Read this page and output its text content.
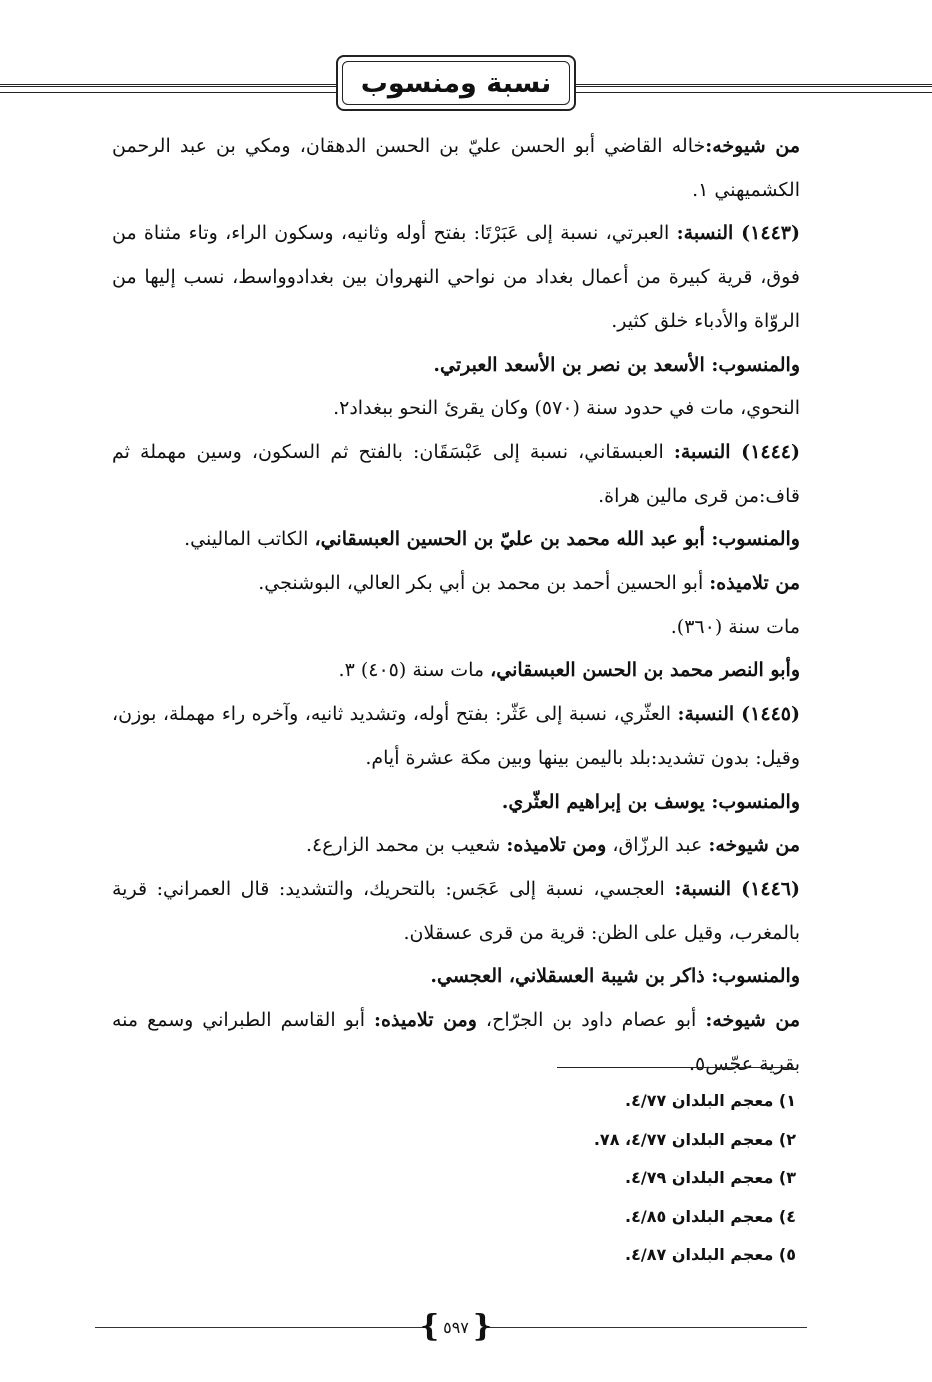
نسبة ومنسوب

من شيوخه:خاله القاضي أبو الحسن عليّ بن الحسن الدهقان، ومكي بن عبد الرحمن الكشميهني ١.

(١٤٤٣) النسبة: العبرتي، نسبة إلى عَبَرْتَا: بفتح أوله وثانيه، وسكون الراء، وتاء مثناة من فوق، قرية كبيرة من أعمال بغداد من نواحي النهروان بين بغدادوواسط، نسب إليها من الروّاة والأدباء خلق كثير.

والمنسوب: الأسعد بن نصر بن الأسعد العبرتي.

النحوي، مات في حدود سنة (٥٧٠) وكان يقرئ النحو ببغداد٢.

(١٤٤٤) النسبة: العبسقاني، نسبة إلى عَبْسَقَان: بالفتح ثم السكون، وسين مهملة ثم قاف:من قرى مالين هراة.

والمنسوب: أبو عبد الله محمد بن عليّ بن الحسين العبسقاني، الكاتب الماليني.

من تلاميذه: أبو الحسين أحمد بن محمد بن أبي بكر العالي، البوشنجي.

مات سنة (٣٦٠).

وأبو النصر محمد بن الحسن العبسقاني، مات سنة (٤٠٥) ٣.

(١٤٤٥) النسبة: العثّري، نسبة إلى عَثّر: بفتح أوله، وتشديد ثانيه، وآخره راء مهملة، بوزن، وقيل: بدون تشديد:بلد باليمن بينها وبين مكة عشرة أيام.

والمنسوب: يوسف بن إبراهيم العثّري.

من شيوخه: عبد الرزّاق، ومن تلاميذه: شعيب بن محمد الزارع٤.

(١٤٤٦) النسبة: العجسي، نسبة إلى عَجَس: بالتحريك، والتشديد: قال العمراني: قرية بالمغرب، وقيل على الظن: قرية من قرى عسقلان.

والمنسوب: ذاكر بن شيبة العسقلاني، العجسي.

من شيوخه: أبو عصام داود بن الجرّاح، ومن تلاميذه: أبو القاسم الطبراني وسمع منه بقرية عجّس٥.

١) معجم البلدان ٤/٧٧.
٢) معجم البلدان ٤/٧٧، ٧٨.
٣) معجم البلدان ٤/٧٩.
٤) معجم البلدان ٤/٨٥.
٥) معجم البلدان ٤/٨٧.
{
٥٩٧
}
